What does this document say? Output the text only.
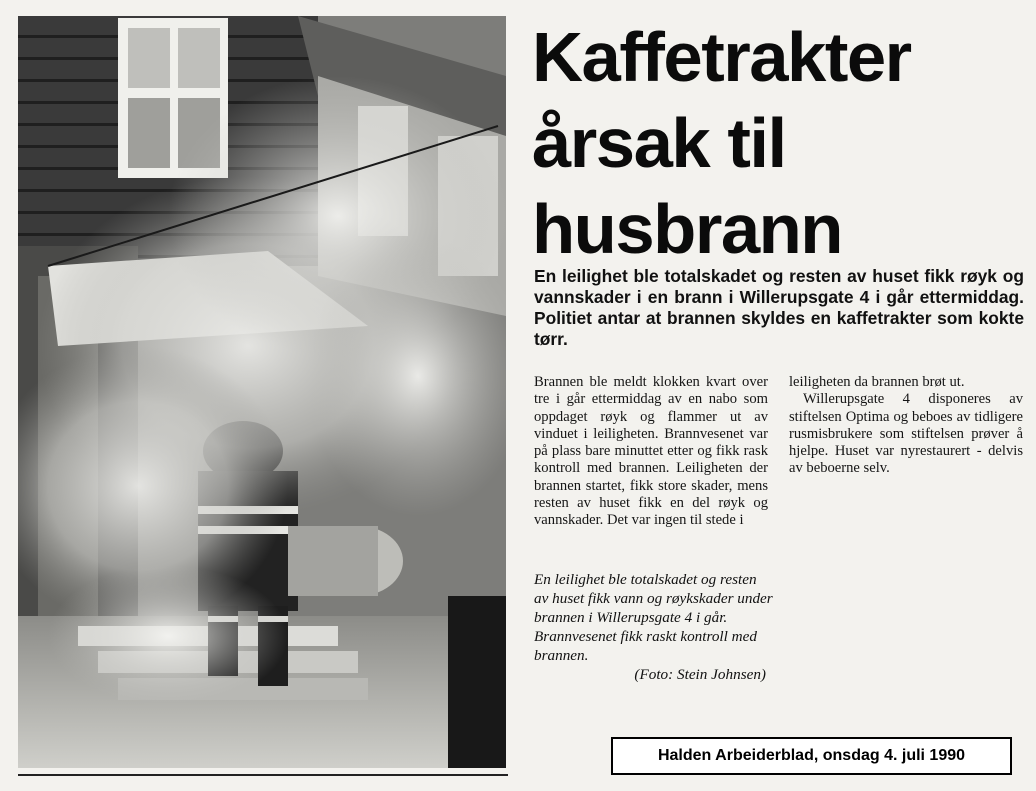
Kaffetrakter
årsak til
husbrann

En leilighet ble totalskadet og resten av huset fikk røyk og vannskader i en brann i Willerupsgate 4 i går ettermiddag. Politiet antar at brannen skyldes en kaffetrakter som kokte tørr.

Brannen ble meldt klokken kvart over tre i går ettermiddag av en nabo som oppdaget røyk og flammer ut av vinduet i leiligheten. Brannvesenet var på plass bare minuttet etter og fikk rask kontroll med brannen. Leiligheten der brannen startet, fikk store skader, mens resten av huset fikk en del røyk og vannskader. Det var ingen til stede i

leiligheten da brannen brøt ut.

Willerupsgate 4 disponeres av stiftelsen Optima og beboes av tidligere rusmisbrukere som stiftelsen prøver å hjelpe. Huset var nyrestaurert - delvis av beboerne selv.

En leilighet ble totalskadet og resten av huset fikk vann og røykskader under brannen i Willerupsgate 4 i går. Brannvesenet fikk raskt kontroll med brannen.
(Foto: Stein Johnsen)

Halden Arbeiderblad, onsdag 4. juli 1990
